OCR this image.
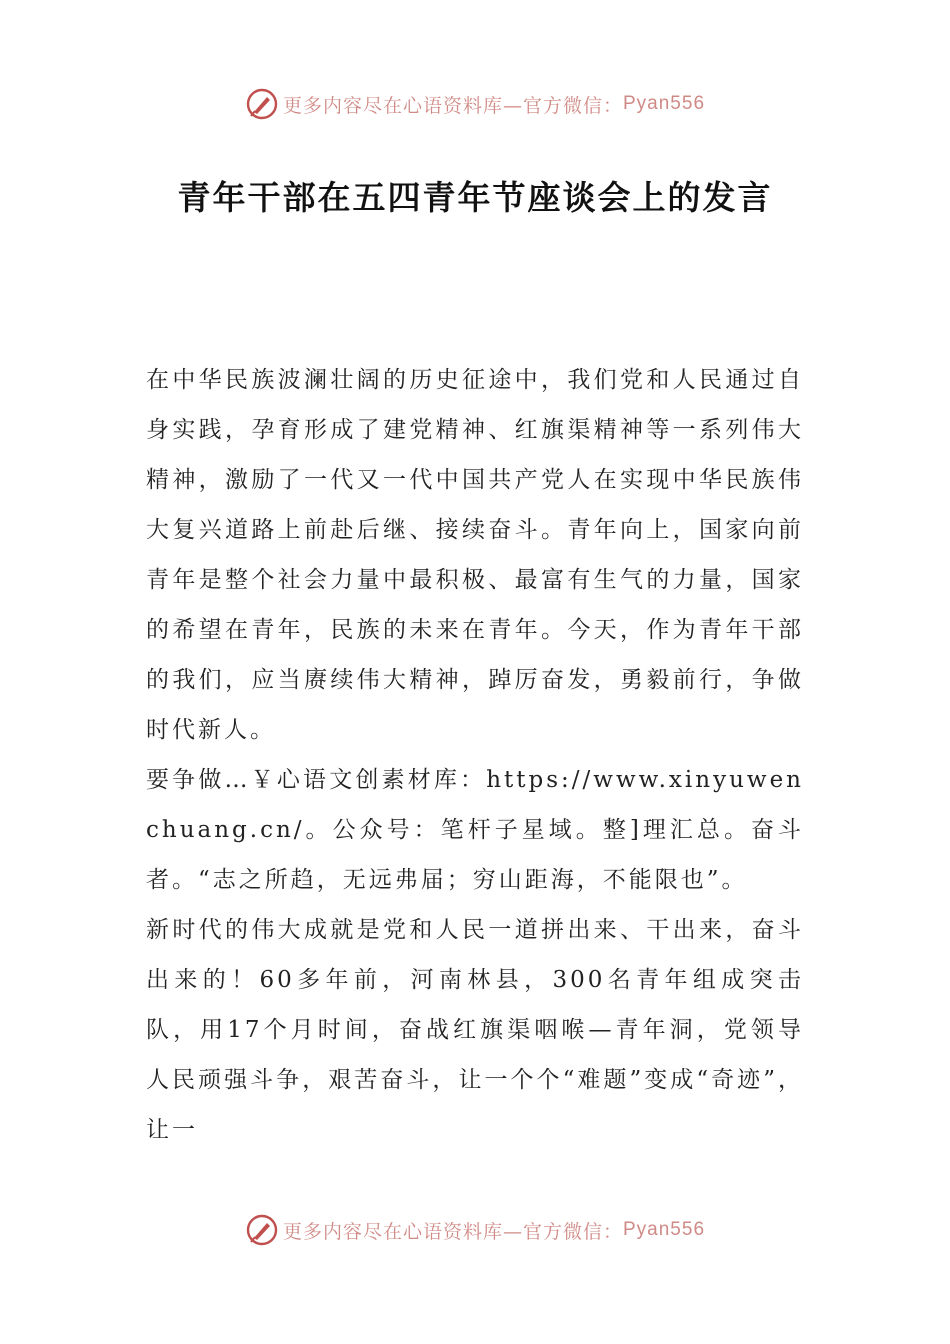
更多内容尽在心语资料库—官方微信： Pyan556
青年干部在五四青年节座谈会上的发言

在中华民族波澜壮阔的历史征途中，我们党和人民通过自身实践，孕育形成了建党精神、红旗渠精神等一系列伟大精神，激励了一代又一代中国共产党人在实现中华民族伟大复兴道路上前赴后继、接续奋斗。青年向上，国家向前青年是整个社会力量中最积极、最富有生气的力量，国家的希望在青年，民族的未来在青年。今天，作为青年干部的我们，应当赓续伟大精神，踔厉奋发，勇毅前行，争做时代新人。

要争做…￥心语文创素材库：https://www.xinyuwenchuang.cn/。公众号：笔杆子星域。整]理汇总。奋斗者。“志之所趋，无远弗届；穷山距海，不能限也”。

新时代的伟大成就是党和人民一道拼出来、干出来，奋斗出来的！60多年前，河南林县，300名青年组成突击队，用17个月时间，奋战红旗渠咽喉—青年洞，党领导人民顽强斗争，艰苦奋斗，让一个个“难题”变成“奇迹”，让一

更多内容尽在心语资料库—官方微信： Pyan556
